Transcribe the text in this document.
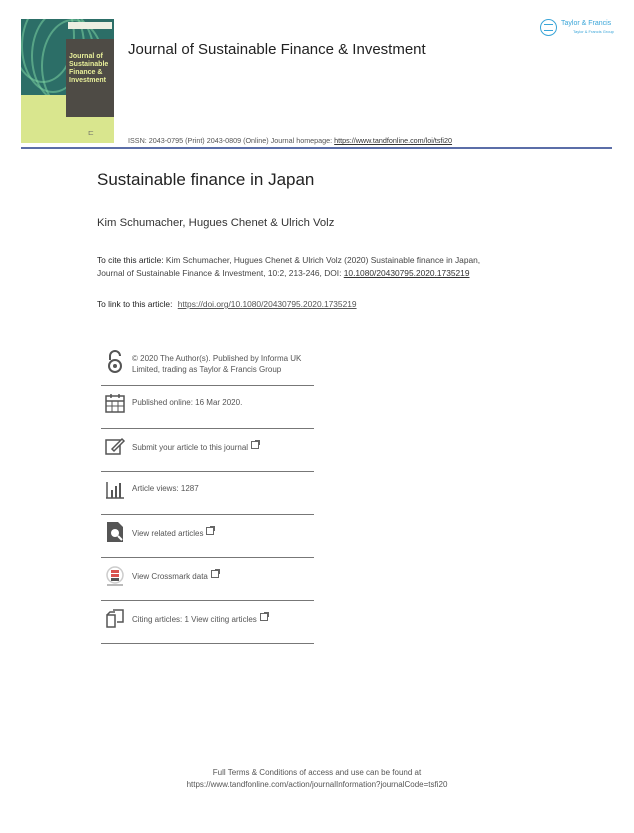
Journal of
Sustainable
Finance &
Investment
⊏
Journal of Sustainable Finance & Investment
Taylor & Francis
Taylor & Francis Group
ISSN: 2043-0795 (Print) 2043-0809 (Online) Journal homepage: https://www.tandfonline.com/loi/tsfi20
Sustainable finance in Japan
Kim Schumacher, Hugues Chenet & Ulrich Volz
To cite this article: Kim Schumacher, Hugues Chenet & Ulrich Volz (2020) Sustainable finance in Japan, Journal of Sustainable Finance & Investment, 10:2, 213-246, DOI: 10.1080/20430795.2020.1735219
To link to this article: https://doi.org/10.1080/20430795.2020.1735219
© 2020 The Author(s). Published by Informa UK Limited, trading as Taylor & Francis Group
Published online: 16 Mar 2020.
Submit your article to this journal
Article views: 1287
View related articles
View Crossmark data
Citing articles: 1 View citing articles
Full Terms & Conditions of access and use can be found at
https://www.tandfonline.com/action/journalInformation?journalCode=tsfi20
